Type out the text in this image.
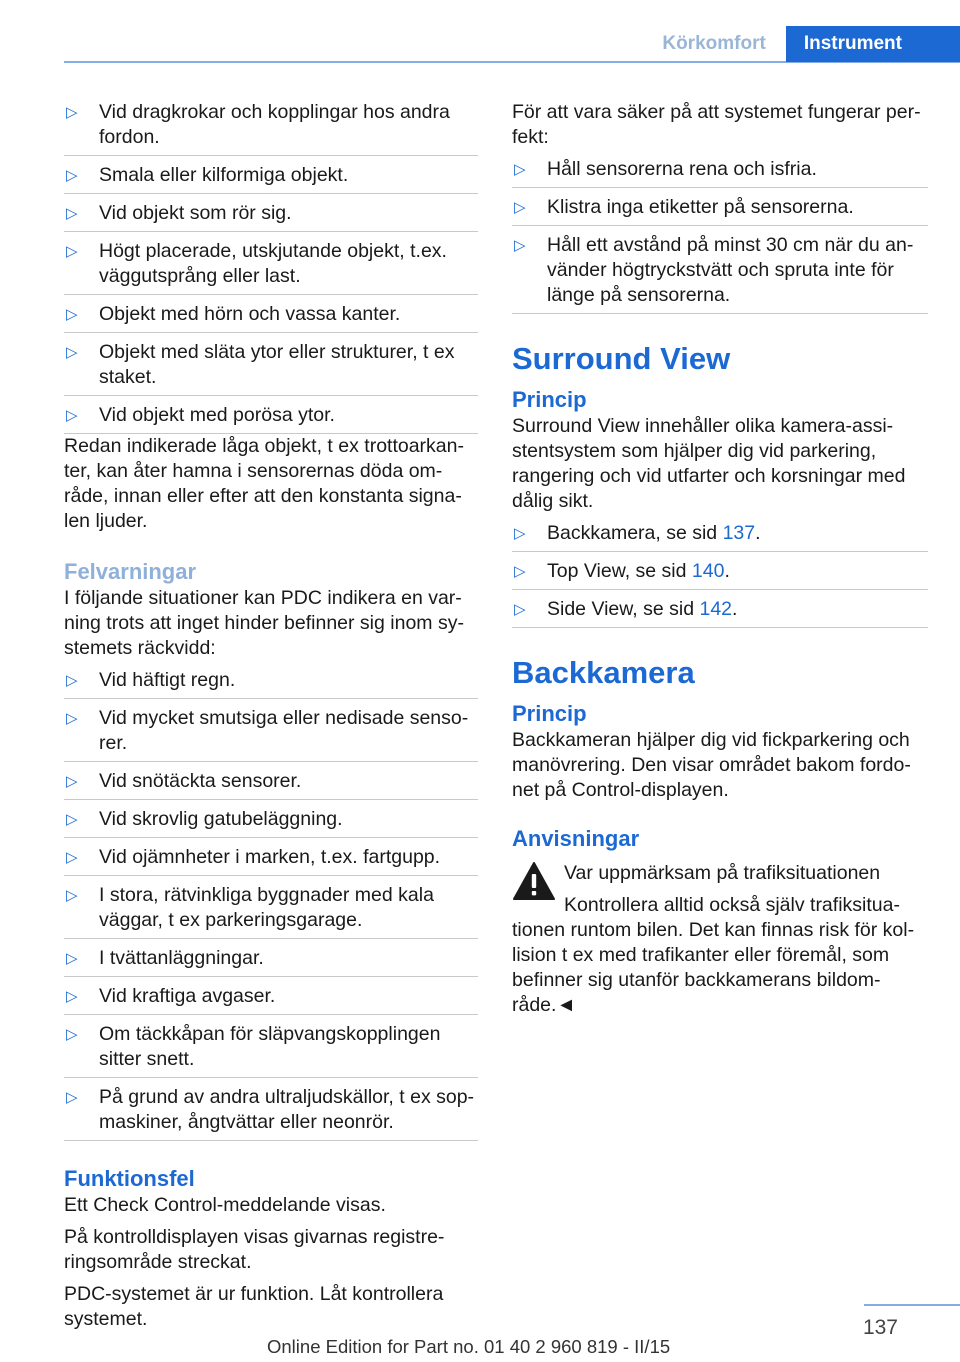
Körkomfort	Instrument
▷ Vid dragkrokar och kopplingar hos andra fordon.
▷ Smala eller kilformiga objekt.
▷ Vid objekt som rör sig.
▷ Högt placerade, utskjutande objekt, t.ex. väggutsprång eller last.
▷ Objekt med hörn och vassa kanter.
▷ Objekt med släta ytor eller strukturer, t ex staket.
▷ Vid objekt med porösa ytor.

Redan indikerade låga objekt, t ex trottoarkan-ter, kan åter hamna i sensorernas döda om-råde, innan eller efter att den konstanta signa-len ljuder.

Felvarningar

I följande situationer kan PDC indikera en var-ning trots att inget hinder befinner sig inom sy-stemets räckvidd:

▷ Vid häftigt regn.
▷ Vid mycket smutsiga eller nedisade senso-rer.
▷ Vid snötäckta sensorer.
▷ Vid skrovlig gatubeläggning.
▷ Vid ojämnheter i marken, t.ex. fartgupp.
▷ I stora, rätvinkliga byggnader med kala väggar, t ex parkeringsgarage.
▷ I tvättanläggningar.
▷ Vid kraftiga avgaser.
▷ Om täckkåpan för släpvangskopplingen sitter snett.
▷ På grund av andra ultraljudskällor, t ex sop-maskiner, ångtvättar eller neonrör.
Funktionsfel

Ett Check Control-meddelande visas.

På kontrolldisplayen visas givarnas registre-ringsområde streckat.

PDC-systemet är ur funktion. Låt kontrollera systemet.

För att vara säker på att systemet fungerar per-fekt:

▷ Håll sensorerna rena och isfria.
▷ Klistra inga etiketter på sensorerna.
▷ Håll ett avstånd på minst 30 cm när du an-vänder högtryckstvätt och spruta inte för länge på sensorerna.
Surround View
Princip

Surround View innehåller olika kamera-assi-stentsystem som hjälper dig vid parkering, rangering och vid utfarter och korsningar med dålig sikt.

▷ Backkamera, se sid 137.
▷ Top View, se sid 140.
▷ Side View, se sid 142.
Backkamera
Princip

Backkameran hjälper dig vid fickparkering och manövrering. Den visar området bakom fordo-net på Control-displayen.

Anvisningar
Var uppmärksam på trafiksituationen
Kontrollera alltid också själv trafiksitua-
tionen runtom bilen. Det kan finnas risk för kol-lision t ex med trafikanter eller föremål, som befinner sig utanför backkamerans bildom-råde.◄
137
Online Edition for Part no. 01 40 2 960 819 - II/15
